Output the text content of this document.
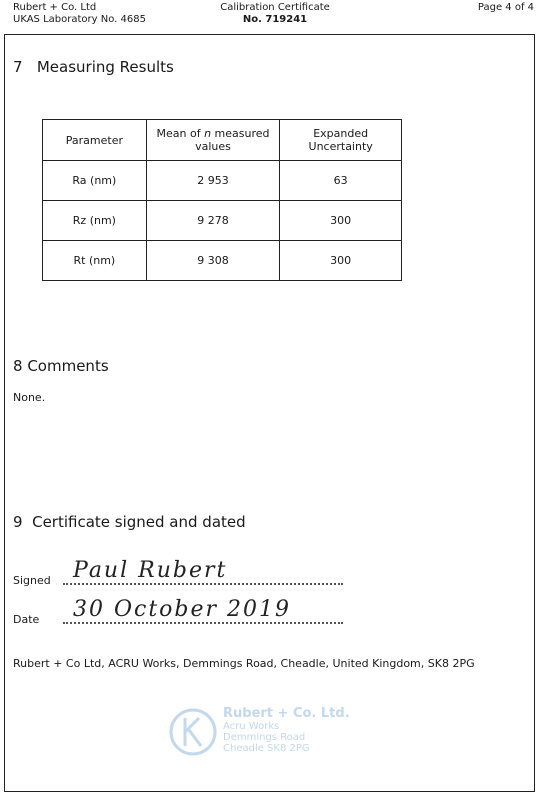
Rubert + Co. Ltd
UKAS Laboratory No. 4685
Calibration Certificate
No. 719241
Page 4 of 4
7 Measuring Results
Parameter	Mean of n measured values	Expanded Uncertainty
Ra (nm)	2 953	63
Rz (nm)	9 278	300
Rt (nm)	9 308	300
8 Comments
None.
9 Certificate signed and dated
Signed Paul Rubert
Date 30 October 2019
Rubert + Co Ltd, ACRU Works, Demmings Road, Cheadle, United Kingdom, SK8 2PG
Rubert + Co. Ltd.
Acru Works
Demmings Road
Cheadle SK8 2PG
